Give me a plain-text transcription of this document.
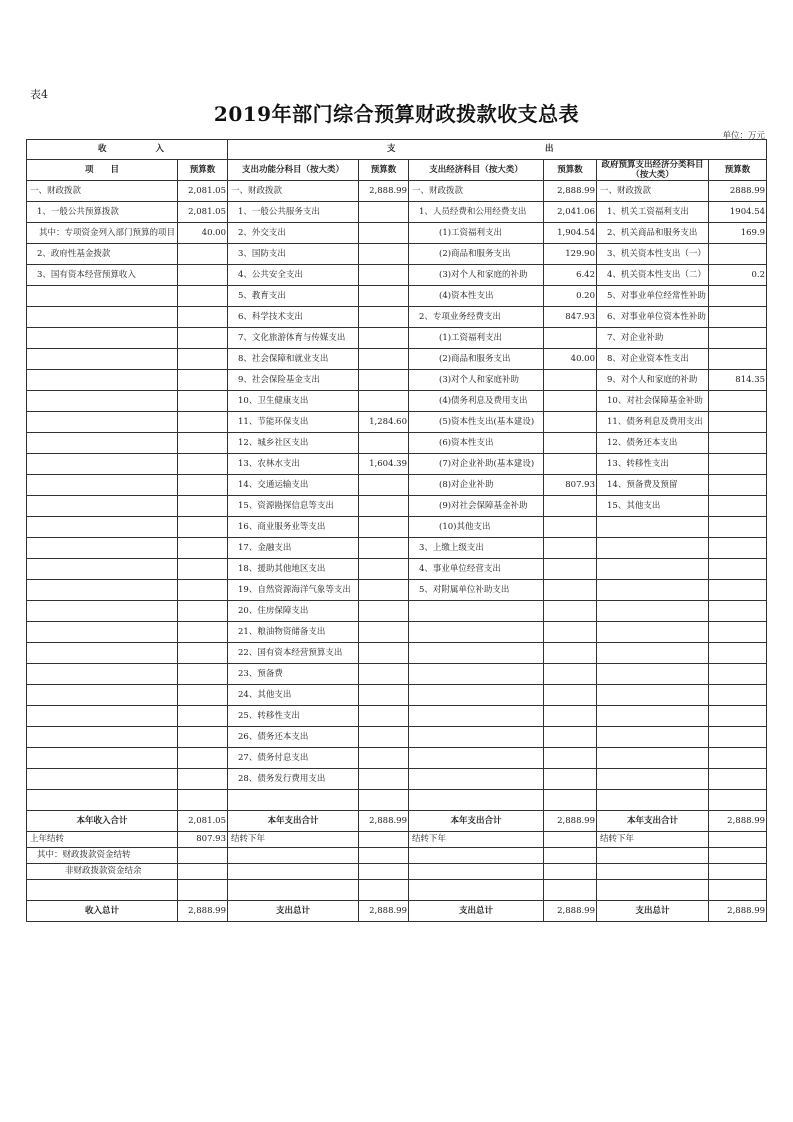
表4
2019年部门综合预算财政拨款收支总表
单位：万元
收 入		支 出					

项　　目	预算数	支出功能分科目（按大类）	预算数	支出经济科目（按大类）	预算数	政府预算支出经济分类科目（按大类）	预算数
一、财政拨款	2,081.05	一、财政拨款	2,888.99	一、财政拨款	2,888.99	一、财政拨款	2888.99
1、一般公共预算拨款	2,081.05	1、一般公共服务支出		1、人员经费和公用经费支出	2,041.06	1、机关工资福利支出	1904.54
其中：专项资金列入部门预算的项目	40.00	2、外交支出		(1)工资福利支出	1,904.54	2、机关商品和服务支出	169.9
2、政府性基金拨款		3、国防支出		(2)商品和服务支出	129.90	3、机关资本性支出（一）	
3、国有资本经营预算收入		4、公共安全支出		(3)对个人和家庭的补助	6.42	4、机关资本性支出（二）	0.2
		5、教育支出		(4)资本性支出	0.20	5、对事业单位经常性补助	
		6、科学技术支出		2、专项业务经费支出	847.93	6、对事业单位资本性补助	
		7、文化旅游体育与传媒支出		(1)工资福利支出		7、对企业补助	
		8、社会保障和就业支出		(2)商品和服务支出	40.00	8、对企业资本性支出	
		9、社会保险基金支出		(3)对个人和家庭补助		9、对个人和家庭的补助	814.35
		10、卫生健康支出		(4)债务利息及费用支出		10、对社会保障基金补助	
		11、节能环保支出	1,284.60	(5)资本性支出(基本建设)		11、债务利息及费用支出	
		12、城乡社区支出		(6)资本性支出		12、债务还本支出	
		13、农林水支出	1,604.39	(7)对企业补助(基本建设)		13、转移性支出	
		14、交通运输支出		(8)对企业补助	807.93	14、预备费及预留	
		15、资源勘探信息等支出		(9)对社会保障基金补助		15、其他支出	
		16、商业服务业等支出		(10)其他支出			
		17、金融支出		3、上缴上级支出			
		18、援助其他地区支出		4、事业单位经营支出			
		19、自然资源海洋气象等支出		5、对附属单位补助支出			
		20、住房保障支出					
		21、粮油物资储备支出					
		22、国有资本经营预算支出					
		23、预备费					
		24、其他支出					
		25、转移性支出					
		26、债务还本支出					
		27、债务付息支出					
		28、债务发行费用支出					

本年收入合计	2,081.05	本年支出合计	2,888.99	本年支出合计	2,888.99	本年支出合计	2,888.99
上年结转	807.93	结转下年		结转下年		结转下年	
其中：财政拨款资金结转							
非财政拨款资金结余							

收入总计	2,888.99	支出总计	2,888.99	支出总计	2,888.99	支出总计	2,888.99
